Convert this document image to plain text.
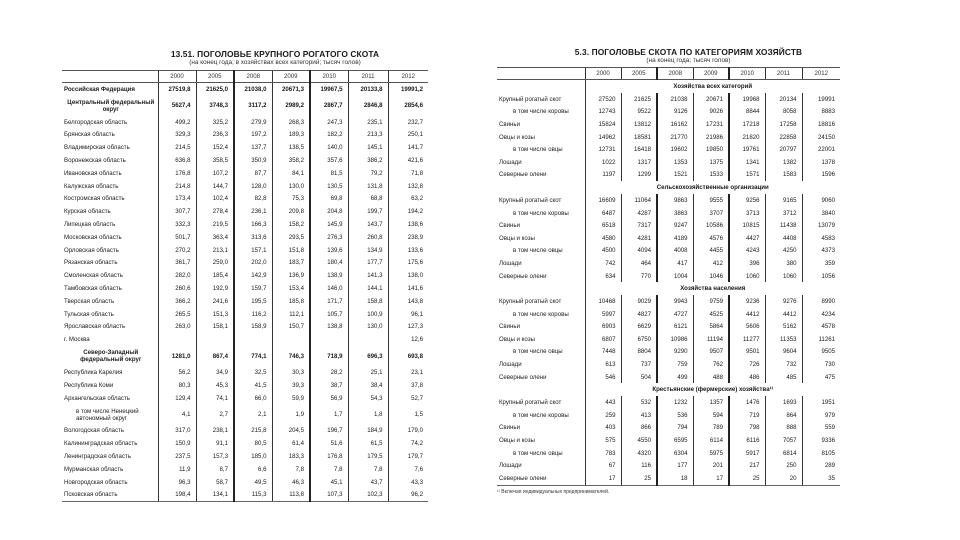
13.51. ПОГОЛОВЬЕ КРУПНОГО РОГАТОГО СКОТА
(на конец года; в хозяйствах всех категорий; тысяч голов)
	2000	2005	2008	2009	2010	2011	2012
Российская Федерация	27519,8	21625,0	21038,0	20671,3	19967,5	20133,8	19991,2
Центральный федеральный округ	5627,4	3748,3	3117,2	2989,2	2867,7	2846,8	2854,6
Белгородская область	499,2	325,2	279,9	268,3	247,3	235,1	232,7
Брянская область	329,3	236,3	197,2	189,3	182,2	213,3	250,1
Владимирская область	214,5	152,4	137,7	138,5	140,0	145,1	141,7
Воронежская область	636,8	358,5	350,9	358,2	357,6	386,2	421,6
Ивановская область	176,8	107,2	87,7	84,1	81,5	79,2	71,8
Калужская область	214,8	144,7	128,0	130,0	130,5	131,8	132,8
Костромская область	173,4	102,4	82,8	75,3	69,8	68,8	63,2
Курская область	307,7	278,4	236,1	209,8	204,8	199,7	194,2
Липецкая область	332,3	219,5	166,3	158,2	145,9	143,7	138,6
Московская область	501,7	363,4	313,6	293,5	276,3	260,8	238,9
Орловская область	270,2	213,1	157,1	151,8	139,6	134,9	133,6
Рязанская область	361,7	259,0	202,0	183,7	180,4	177,7	175,6
Смоленская область	282,0	185,4	142,9	136,9	138,9	141,3	138,0
Тамбовская область	260,6	192,9	159,7	153,4	146,0	144,1	141,6
Тверская область	366,2	241,6	195,5	185,8	171,7	158,8	143,8
Тульская область	265,5	151,3	116,2	112,1	105,7	100,9	96,1
Ярославская область	263,0	158,1	158,9	150,7	138,8	130,0	127,3
г. Москва							12,6
Северо-Западный федеральный округ	1281,0	867,4	774,1	746,3	718,9	696,3	693,8
Республика Карелия	56,2	34,9	32,5	30,3	28,2	25,1	23,1
Республика Коми	80,3	45,3	41,5	39,3	38,7	38,4	37,8
Архангельская область	129,4	74,1	66,0	59,9	56,9	54,3	52,7
в том числе Ненецкий автономный округ	4,1	2,7	2,1	1,9	1,7	1,8	1,5
Вологодская область	317,0	238,1	215,8	204,5	196,7	184,9	179,0
Калининградская область	150,9	91,1	80,5	61,4	51,6	61,5	74,2
Ленинградская область	237,5	157,3	185,0	183,3	176,8	179,5	179,7
Мурманская область	11,9	8,7	6,6	7,8	7,8	7,8	7,6
Новгородская область	96,3	58,7	49,5	46,3	45,1	43,7	43,3
Псковская область	198,4	134,1	115,3	113,8	107,3	102,3	96,2
5.3. ПОГОЛОВЬЕ СКОТА ПО КАТЕГОРИЯМ ХОЗЯЙСТВ
(на конец года; тысяч голов)
	2000	2005	2008	2009	2010	2011	2012
	Хозяйства всех категорий						
Крупный рогатый скот	27520	21625	21038	20671	19968	20134	19991
в том числе коровы	12743	9522	9126	9026	8844	8058	8883
Свиньи	15824	13812	16162	17231	17218	17258	18816
Овцы и козы	14962	18581	21770	21986	21820	22858	24150
в том числе овцы	12731	16418	19602	19850	19761	20797	22001
Лошади	1022	1317	1353	1375	1341	1382	1378
Северные олени	1197	1299	1521	1533	1571	1583	1596
	Сельскохозяйственные организации						
Крупный рогатый скот	16609	11064	9863	9555	9256	9165	9060
в том числе коровы	6487	4287	3863	3707	3713	3712	3840
Свиньи	6518	7317	9247	10586	10815	11438	13079
Овцы и козы	4580	4281	4189	4576	4427	4408	4583
в том числе овцы	4500	4094	4008	4455	4243	4250	4373
Лошади	742	464	417	412	396	380	359
Северные олени	634	770	1004	1046	1060	1060	1056
	Хозяйства населения						
Крупный рогатый скот	10468	9029	9943	9759	9236	9276	8990
в том числе коровы	5997	4827	4727	4525	4412	4412	4234
Свиньи	6903	6629	6121	5864	5606	5162	4578
Овцы и козы	6807	6750	10986	11194	11277	11353	11261
в том числе овцы	7448	8804	9290	9507	9501	9604	9505
Лошади	613	737	759	762	726	732	730
Северные олени	546	504	499	488	486	485	475
	Крестьянские (фермерские) хозяйства¹⁾						
Крупный рогатый скот	443	532	1232	1357	1476	1693	1951
в том числе коровы	259	413	536	594	719	864	979
Свиньи	403	866	794	789	798	888	559
Овцы и козы	575	4550	6595	6114	6116	7057	9336
в том числе овцы	783	4320	6304	5975	5917	6814	8105
Лошади	67	116	177	201	217	250	289
Северные олени	17	25	18	17	25	20	35
¹⁾ Включая индивидуальных предпринимателей.
